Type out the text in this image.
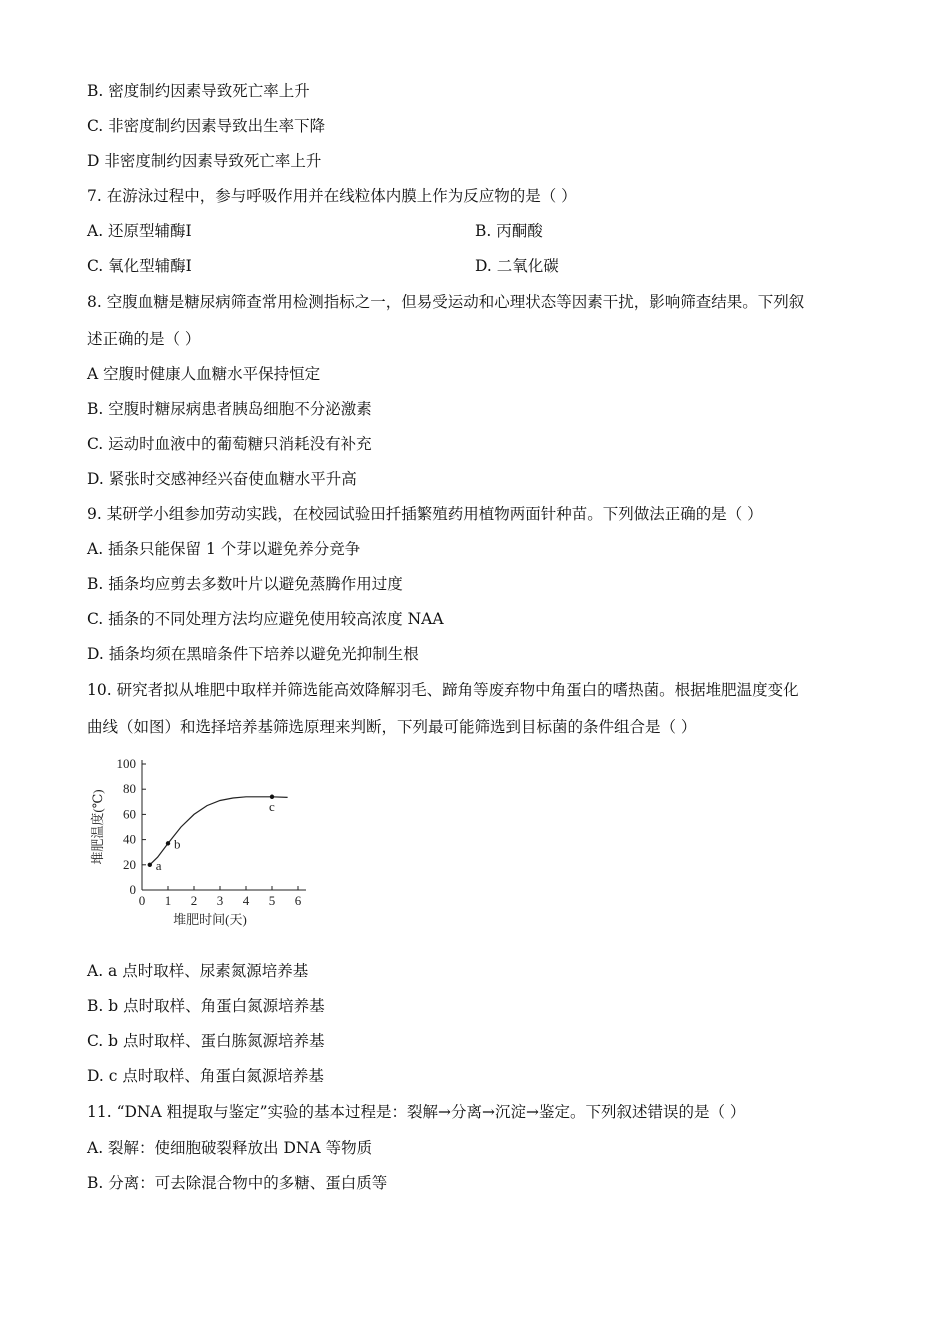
B. 密度制约因素导致死亡率上升
C. 非密度制约因素导致出生率下降
D 非密度制约因素导致死亡率上升
7. 在游泳过程中，参与呼吸作用并在线粒体内膜上作为反应物的是（ ）
A. 还原型辅酶Ⅰ	B. 丙酮酸
C. 氧化型辅酶Ⅰ	D. 二氧化碳
8. 空腹血糖是糖尿病筛查常用检测指标之一，但易受运动和心理状态等因素干扰，影响筛查结果。下列叙
述正确的是（ ）
A 空腹时健康人血糖水平保持恒定
B. 空腹时糖尿病患者胰岛细胞不分泌激素
C. 运动时血液中的葡萄糖只消耗没有补充
D. 紧张时交感神经兴奋使血糖水平升高
9. 某研学小组参加劳动实践，在校园试验田扦插繁殖药用植物两面针种苗。下列做法正确的是（ ）
A. 插条只能保留 1 个芽以避免养分竞争
B. 插条均应剪去多数叶片以避免蒸腾作用过度
C. 插条的不同处理方法均应避免使用较高浓度 NAA
D. 插条均须在黑暗条件下培养以避免光抑制生根
10. 研究者拟从堆肥中取样并筛选能高效降解羽毛、蹄角等废弃物中角蛋白的嗜热菌。根据堆肥温度变化
曲线（如图）和选择培养基筛选原理来判断，下列最可能筛选到目标菌的条件组合是（ ）
0 1 2 3 4 5 6
0
20
40
60
80
100
堆肥时间(天)
堆肥温度(℃)
a
b
c
A. a 点时取样、尿素氮源培养基
B. b 点时取样、角蛋白氮源培养基
C. b 点时取样、蛋白胨氮源培养基
D. c 点时取样、角蛋白氮源培养基
11. “DNA 粗提取与鉴定”实验的基本过程是：裂解→分离→沉淀→鉴定。下列叙述错误的是（ ）
A. 裂解：使细胞破裂释放出 DNA 等物质
B. 分离：可去除混合物中的多糖、蛋白质等
